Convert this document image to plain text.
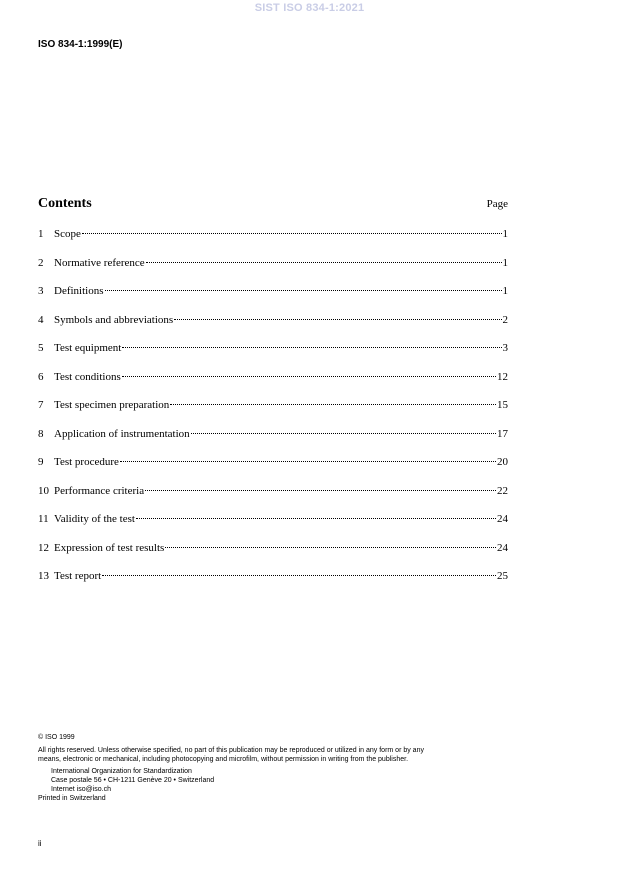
SIST ISO 834-1:2021
ISO 834-1:1999(E)
Contents	Page
1 Scope	1
2 Normative reference	1
3 Definitions	1
4 Symbols and abbreviations	2
5 Test equipment	3
6 Test conditions	12
7 Test specimen preparation	15
8 Application of instrumentation	17
9 Test procedure	20
10 Performance criteria	22
11 Validity of the test	24
12 Expression of test results	24
13 Test report	25
© ISO 1999
All rights reserved. Unless otherwise specified, no part of this publication may be reproduced or utilized in any form or by any
means, electronic or mechanical, including photocopying and microfilm, without permission in writing from the publisher.
International Organization for Standardization
Case postale 56 • CH-1211 Genève 20 • Switzerland
Internet iso@iso.ch
Printed in Switzerland
ii
